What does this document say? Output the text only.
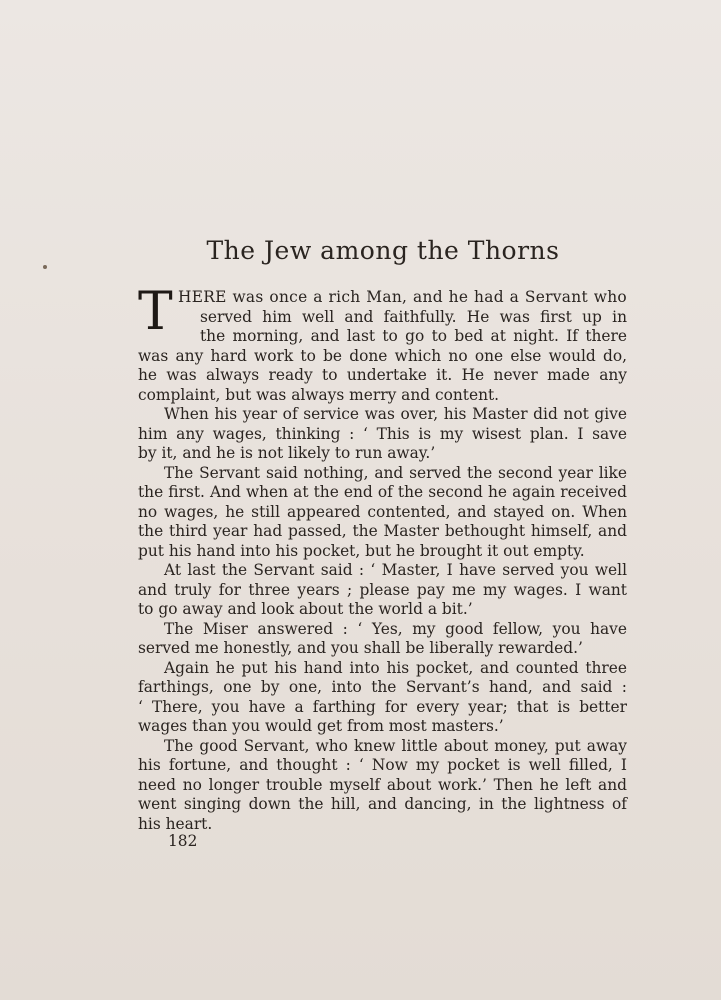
The Jew among the Thorns
T HERE was once a rich Man, and he had a Servant who
served him well and faithfully. He was first up in
the morning, and last to go to bed at night. If there
was any hard work to be done which no one else would do,
he was always ready to undertake it. He never made any
complaint, but was always merry and content.
When his year of service was over, his Master did not give
him any wages, thinking : ‘ This is my wisest plan. I save
by it, and he is not likely to run away.’
The Servant said nothing, and served the second year like
the first. And when at the end of the second he again received
no wages, he still appeared contented, and stayed on. When
the third year had passed, the Master bethought himself, and
put his hand into his pocket, but he brought it out empty.
At last the Servant said : ‘ Master, I have served you well
and truly for three years ; please pay me my wages. I want
to go away and look about the world a bit.’
The Miser answered : ‘ Yes, my good fellow, you have
served me honestly, and you shall be liberally rewarded.’
Again he put his hand into his pocket, and counted three
farthings, one by one, into the Servant’s hand, and said :
‘ There, you have a farthing for every year; that is better
wages than you would get from most masters.’
The good Servant, who knew little about money, put away
his fortune, and thought : ‘ Now my pocket is well filled, I
need no longer trouble myself about work.’ Then he left and
went singing down the hill, and dancing, in the lightness of
his heart.
182
